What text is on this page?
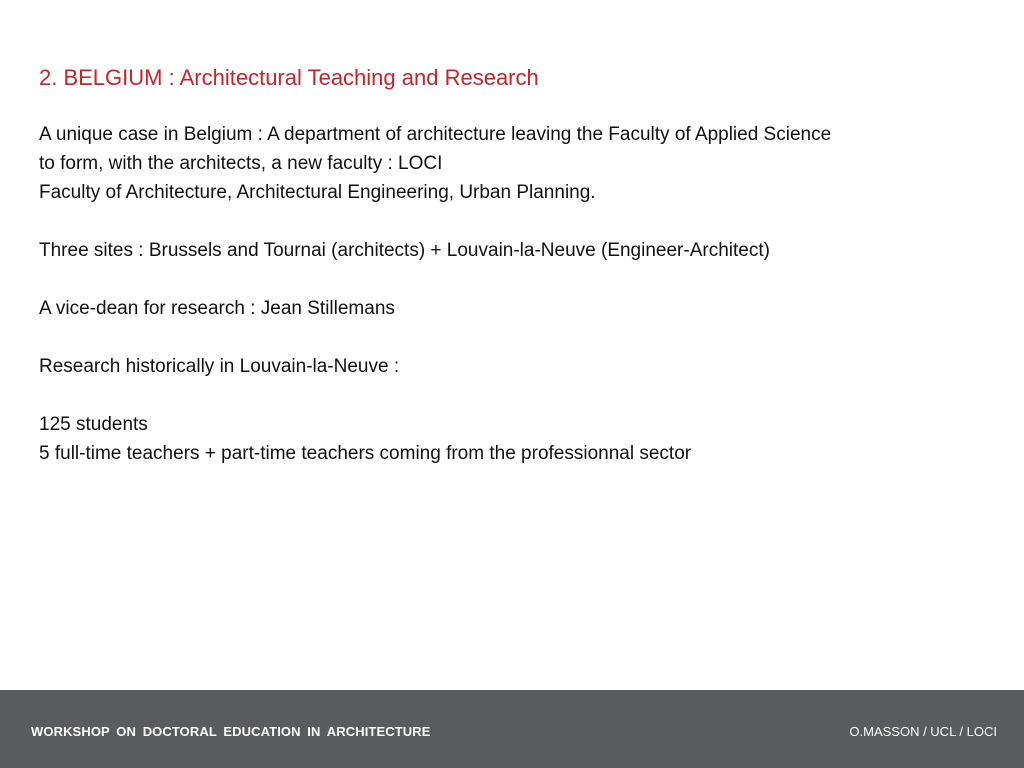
2. BELGIUM : Architectural Teaching and Research
A unique case in Belgium : A department of architecture leaving the Faculty of Applied Science
to form, with the architects, a new faculty : LOCI
Faculty of Architecture, Architectural Engineering, Urban Planning.
Three sites : Brussels and Tournai (architects) + Louvain-la-Neuve (Engineer-Architect)
A vice-dean for research : Jean Stillemans
Research historically in Louvain-la-Neuve :
125 students
5 full-time teachers + part-time teachers coming from the professionnal sector
WORKSHOP ON DOCTORAL EDUCATION IN ARCHITECTURE	O.MASSON / UCL / LOCI
